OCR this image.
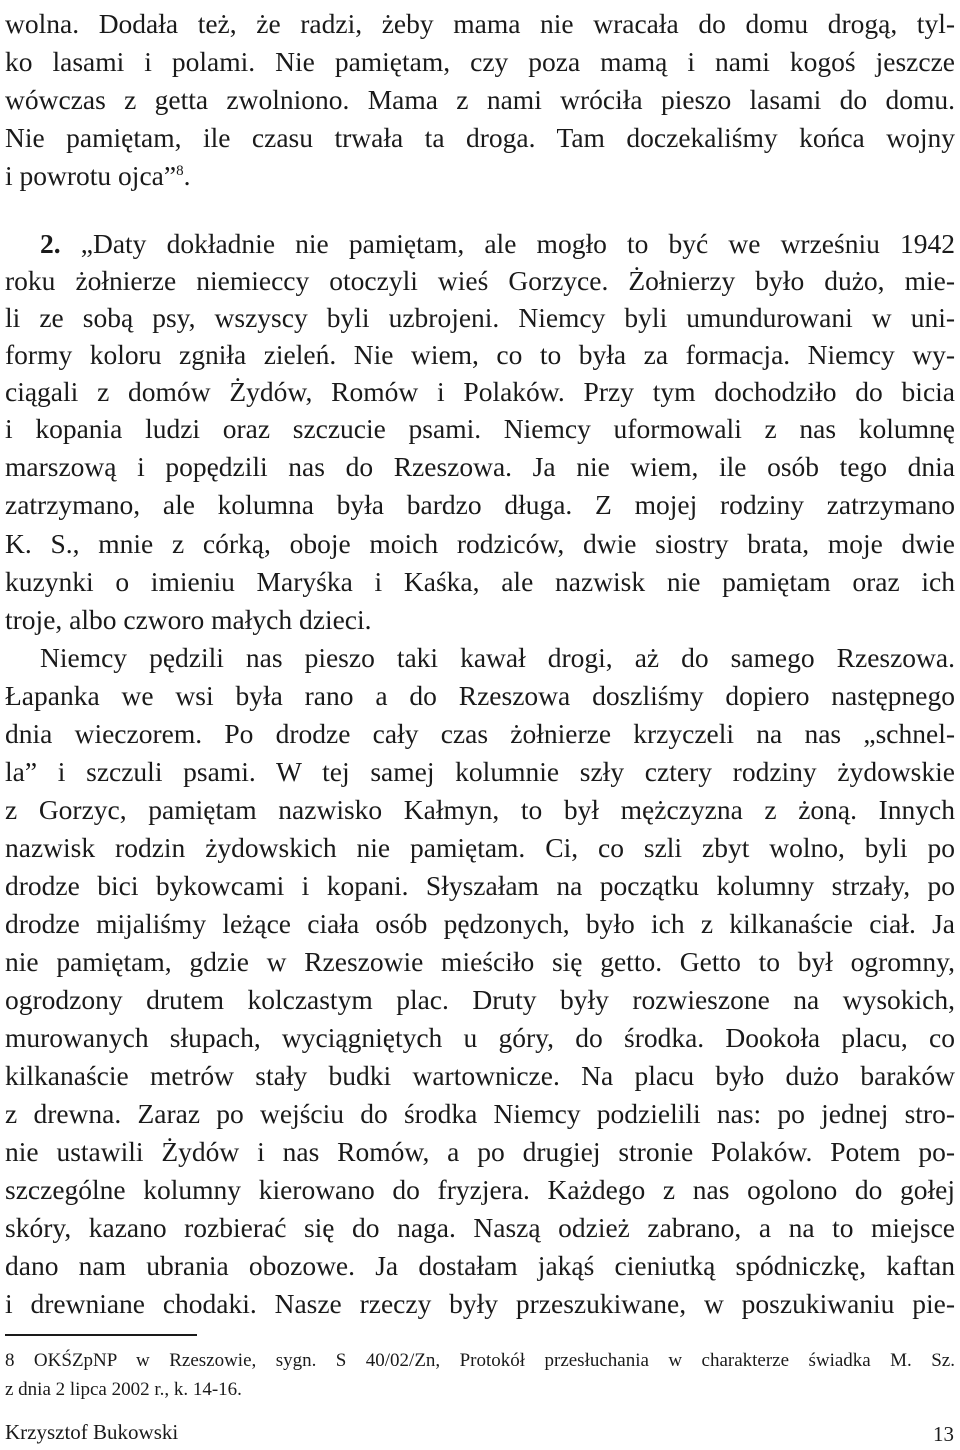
wolna. Dodała też, że radzi, żeby mama nie wracała do domu drogą, tyl-
ko lasami i polami. Nie pamiętam, czy poza mamą i nami kogoś jeszcze
wówczas z getta zwolniono. Mama z nami wróciła pieszo lasami do domu.
Nie pamiętam, ile czasu trwała ta droga. Tam doczekaliśmy końca wojny
i powrotu ojca”$^8$.
2. „Daty dokładnie nie pamiętam, ale mogło to być we wrześniu 1942
roku żołnierze niemieccy otoczyli wieś Gorzyce. Żołnierzy było dużo, mie-
li ze sobą psy, wszyscy byli uzbrojeni. Niemcy byli umundurowani w uni-
formy koloru zgniła zieleń. Nie wiem, co to była za formacja. Niemcy wy-
ciągali z domów Żydów, Romów i Polaków. Przy tym dochodziło do bicia
i kopania ludzi oraz szczucie psami. Niemcy uformowali z nas kolumnę
marszową i popędzili nas do Rzeszowa. Ja nie wiem, ile osób tego dnia
zatrzymano, ale kolumna była bardzo długa. Z mojej rodziny zatrzymano
K. S., mnie z córką, oboje moich rodziców, dwie siostry brata, moje dwie
kuzynki o imieniu Maryśka i Kaśka, ale nazwisk nie pamiętam oraz ich
troje, albo czworo małych dzieci.
Niemcy pędzili nas pieszo taki kawał drogi, aż do samego Rzeszowa.
Łapanka we wsi była rano a do Rzeszowa doszliśmy dopiero następnego
dnia wieczorem. Po drodze cały czas żołnierze krzyczeli na nas „schnel-
la” i szczuli psami. W tej samej kolumnie szły cztery rodziny żydowskie
z Gorzyc, pamiętam nazwisko Kałmyn, to był mężczyzna z żoną. Innych
nazwisk rodzin żydowskich nie pamiętam. Ci, co szli zbyt wolno, byli po
drodze bici bykowcami i kopani. Słyszałam na początku kolumny strzały, po
drodze mijaliśmy leżące ciała osób pędzonych, było ich z kilkanaście ciał. Ja
nie pamiętam, gdzie w Rzeszowie mieściło się getto. Getto to był ogromny,
ogrodzony drutem kolczastym plac. Druty były rozwieszone na wysokich,
murowanych słupach, wyciągniętych u góry, do środka. Dookoła placu, co
kilkanaście metrów stały budki wartownicze. Na placu było dużo baraków
z drewna. Zaraz po wejściu do środka Niemcy podzielili nas: po jednej stro-
nie ustawili Żydów i nas Romów, a po drugiej stronie Polaków. Potem po-
szczególne kolumny kierowano do fryzjera. Każdego z nas ogolono do gołej
skóry, kazano rozbierać się do naga. Naszą odzież zabrano, a na to miejsce
dano nam ubrania obozowe. Ja dostałam jakąś cieniutką spódniczkę, kaftan
i drewniane chodaki. Nasze rzeczy były przeszukiwane, w poszukiwaniu pie-
8 OKŚZpNP w Rzeszowie, sygn. S 40/02/Zn, Protokół przesłuchania w charakterze świadka M. Sz.
z dnia 2 lipca 2002 r., k. 14-16.
Krzysztof Bukowski	13
